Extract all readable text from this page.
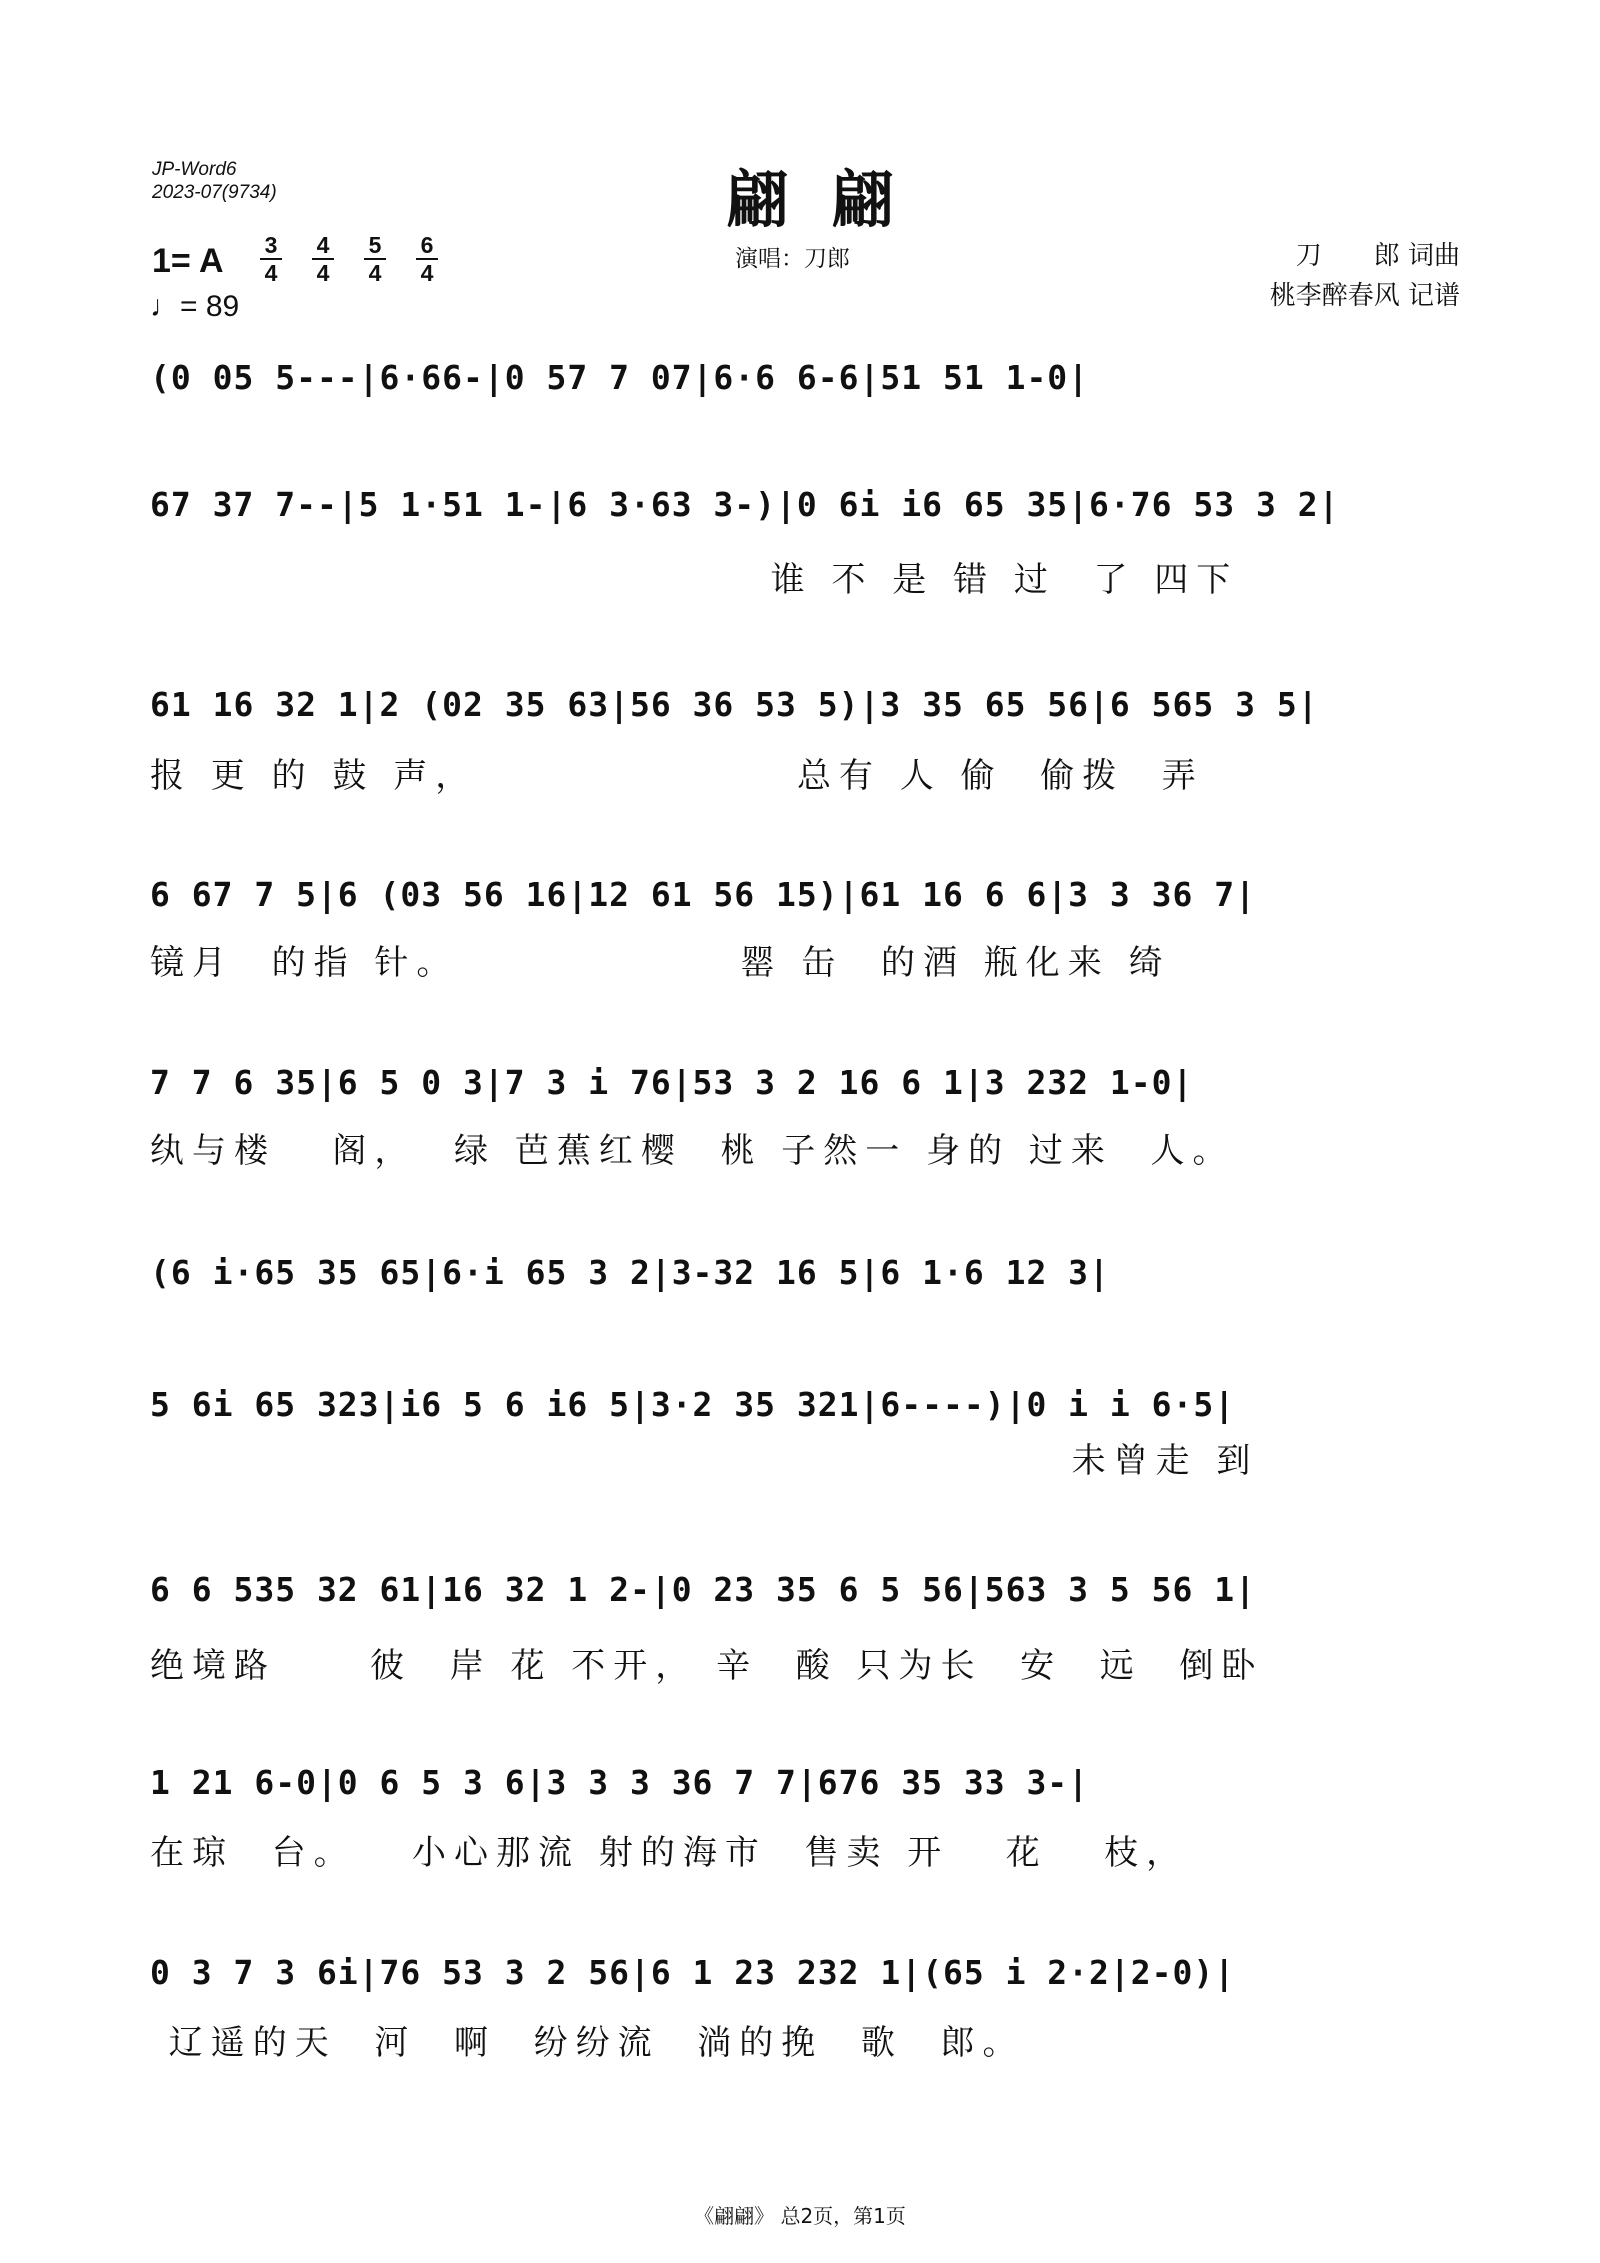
JP-Word6
2023-07(9734)	翩  翩
1= A 3
4
4
4
5
4
6
4
♩= 89
演唱：刀郎	刀　　郎 词曲
桃李醉春风 记谱
(0 05 5---|6·66-|0 57 7 07|6·6 6-6|51 51 1-0|
67 37 7--|5 1·51 1-|6 3·63 3-)|0 6i i6 65 35|6·76 53 3 2|
谁 不 是 错 过  了 四下
61 16 32 1|2 (02 35 63|56 36 53 5)|3 35 65 56|6 565 3 5|
报 更 的 鼓 声，                 总有 人 偷  偷拨  弄
6 67 7 5|6 (03 56 16|12 61 56 15)|61 16 6 6|3 3 36 7|
镜月  的指 针。               罂 缶  的酒 瓶化来 绮
7 7 6 35|6 5 0 3|7 3 i 76|53 3 2 16 6 1|3 232 1-0|
纨与楼   阁，  绿 芭蕉红樱  桃 子然一 身的 过来  人。
(6 i·65 35 65|6·i 65 3 2|3-32 16 5|6 1·6 12 3|
5 6i 65 323|i6 5 6 i6 5|3·2 35 321|6----)|0 i i 6·5|
未曾走 到
6 6 535 32 61|16 32 1 2-|0 23 35 6 5 56|563 3 5 56 1|
绝境路     彼  岸 花 不开， 辛  酸 只为长  安  远  倒卧
1 21 6-0|0 6 5 3 6|3 3 3 36 7 7|676 35 33 3-|
在琼  台。   小心那流 射的海市  售卖 开   花   枝，
0 3 7 3 6i|76 53 3 2 56|6 1 23 232 1|(65 i 2·2|2-0)|
辽遥的天  河  啊  纷纷流  淌的挽  歌  郎。
《翩翩》 总2页，第1页
